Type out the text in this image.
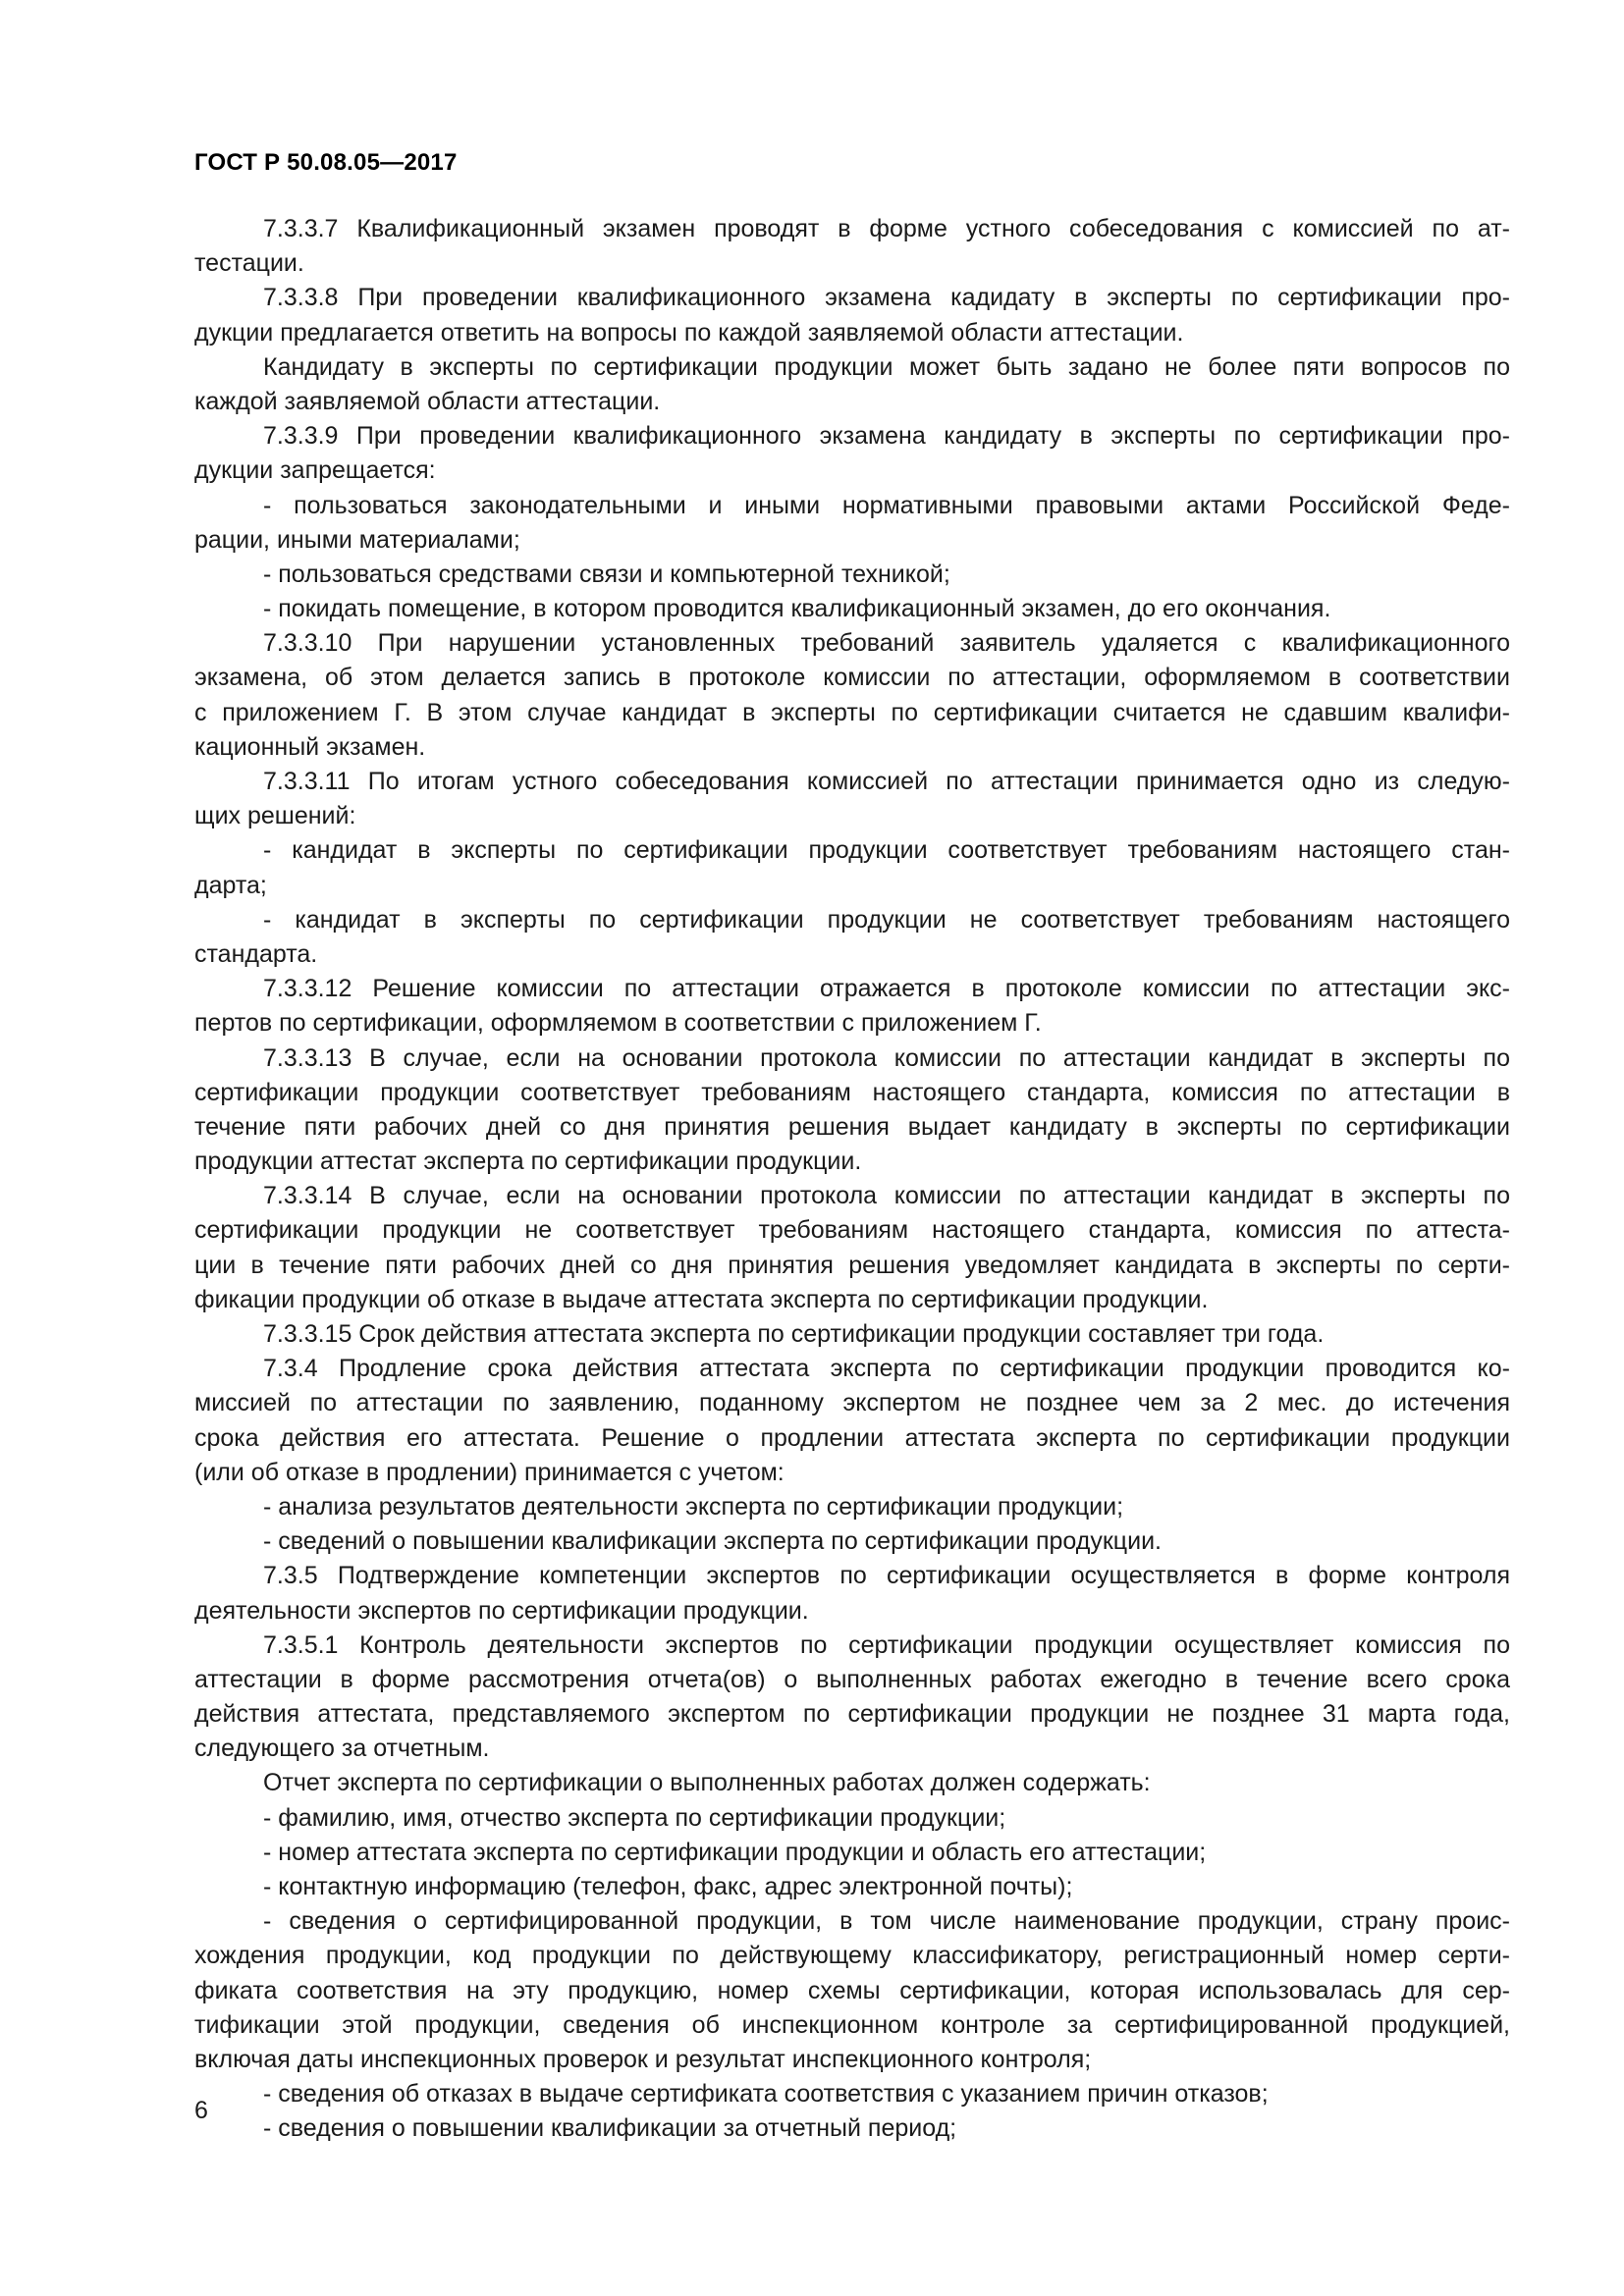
ГОСТ Р 50.08.05—2017
7.3.3.7 Квалификационный экзамен проводят в форме устного собеседования с комиссией по ат-
тестации.
7.3.3.8 При проведении квалификационного экзамена кадидату в эксперты по сертификации про-
дукции предлагается ответить на вопросы по каждой заявляемой области аттестации.
Кандидату в эксперты по сертификации продукции может быть задано не более пяти вопросов по
каждой заявляемой области аттестации.
7.3.3.9 При проведении квалификационного экзамена кандидату в эксперты по сертификации про-
дукции запрещается:
- пользоваться законодательными и иными нормативными правовыми актами Российской Феде-
рации, иными материалами;
- пользоваться средствами связи и компьютерной техникой;
- покидать помещение, в котором проводится квалификационный экзамен, до его окончания.
7.3.3.10 При нарушении установленных требований заявитель удаляется с квалификационного
экзамена, об этом делается запись в протоколе комиссии по аттестации, оформляемом в соответствии
с приложением Г. В этом случае кандидат в эксперты по сертификации считается не сдавшим квалифи-
кационный экзамен.
7.3.3.11 По итогам устного собеседования комиссией по аттестации принимается одно из следую-
щих решений:
- кандидат в эксперты по сертификации продукции соответствует требованиям настоящего стан-
дарта;
- кандидат в эксперты по сертификации продукции не соответствует требованиям настоящего
стандарта.
7.3.3.12 Решение комиссии по аттестации отражается в протоколе комиссии по аттестации экс-
пертов по сертификации, оформляемом в соответствии с приложением Г.
7.3.3.13 В случае, если на основании протокола комиссии по аттестации кандидат в эксперты по
сертификации продукции соответствует требованиям настоящего стандарта, комиссия по аттестации в
течение пяти рабочих дней со дня принятия решения выдает кандидату в эксперты по сертификации
продукции аттестат эксперта по сертификации продукции.
7.3.3.14 В случае, если на основании протокола комиссии по аттестации кандидат в эксперты по
сертификации продукции не соответствует требованиям настоящего стандарта, комиссия по аттеста-
ции в течение пяти рабочих дней со дня принятия решения уведомляет кандидата в эксперты по серти-
фикации продукции об отказе в выдаче аттестата эксперта по сертификации продукции.
7.3.3.15 Срок действия аттестата эксперта по сертификации продукции составляет три года.
7.3.4 Продление срока действия аттестата эксперта по сертификации продукции проводится ко-
миссией по аттестации по заявлению, поданному экспертом не позднее чем за 2 мес. до истечения
срока действия его аттестата. Решение о продлении аттестата эксперта по сертификации продукции
(или об отказе в продлении) принимается с учетом:
- анализа результатов деятельности эксперта по сертификации продукции;
- сведений о повышении квалификации эксперта по сертификации продукции.
7.3.5 Подтверждение компетенции экспертов по сертификации осуществляется в форме контроля
деятельности экспертов по сертификации продукции.
7.3.5.1 Контроль деятельности экспертов по сертификации продукции осуществляет комиссия по
аттестации в форме рассмотрения отчета(ов) о выполненных работах ежегодно в течение всего срока
действия аттестата, представляемого экспертом по сертификации продукции не позднее 31 марта года,
следующего за отчетным.
Отчет эксперта по сертификации о выполненных работах должен содержать:
- фамилию, имя, отчество эксперта по сертификации продукции;
- номер аттестата эксперта по сертификации продукции и область его аттестации;
- контактную информацию (телефон, факс, адрес электронной почты);
- сведения о сертифицированной продукции, в том числе наименование продукции, страну проис-
хождения продукции, код продукции по действующему классификатору, регистрационный номер серти-
фиката соответствия на эту продукцию, номер схемы сертификации, которая использовалась для сер-
тификации этой продукции, сведения об инспекционном контроле за сертифицированной продукцией,
включая даты инспекционных проверок и результат инспекционного контроля;
- сведения об отказах в выдаче сертификата соответствия с указанием причин отказов;
- сведения о повышении квалификации за отчетный период;
6
